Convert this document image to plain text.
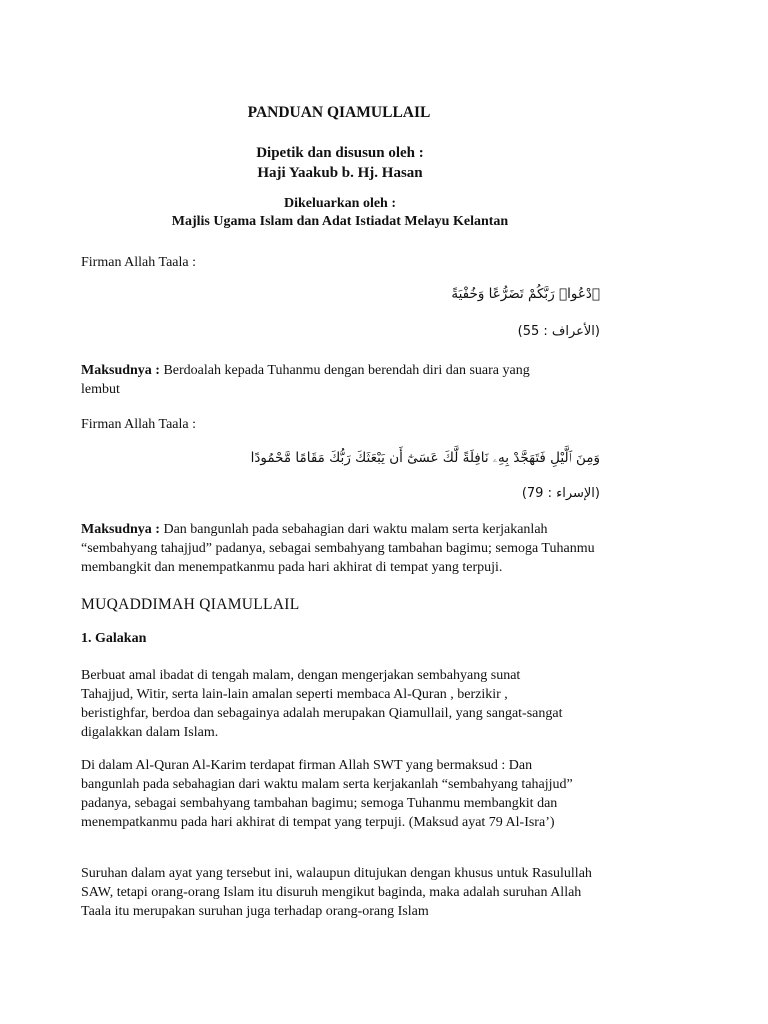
PANDUAN QIAMULLAIL
Dipetik dan disusun oleh :
Haji Yaakub b. Hj. Hasan
Dikeluarkan oleh :
Majlis Ugama Islam dan Adat Istiadat Melayu Kelantan
Firman Allah Taala :
ٱدْعُوا۟ رَبَّكُمْ تَضَرُّعًا وَخُفْيَةً
(الأعراف : 55)
Maksudnya : Berdoalah kepada Tuhanmu dengan berendah diri dan suara yang lembut
Firman Allah Taala :
وَمِنَ ٱلَّيْلِ فَتَهَجَّدْ بِهِۦ نَافِلَةً لَّكَ عَسَىٰٓ أَن يَبْعَثَكَ رَبُّكَ مَقَامًا مَّحْمُودًا
(الإسراء : 79)
Maksudnya : Dan bangunlah pada sebahagian dari waktu malam serta kerjakanlah “sembahyang tahajjud” padanya, sebagai sembahyang tambahan bagimu; semoga Tuhanmu membangkit dan menempatkanmu pada hari akhirat di tempat yang terpuji.
MUQADDIMAH QIAMULLAIL
1. Galakan
Berbuat amal ibadat di tengah malam, dengan mengerjakan sembahyang sunat Tahajjud, Witir, serta lain-lain amalan seperti membaca Al-Quran , berzikir , beristighfar, berdoa dan sebagainya adalah merupakan Qiamullail, yang sangat-sangat digalakkan dalam Islam.
Di dalam Al-Quran Al-Karim terdapat firman Allah SWT yang bermaksud : Dan bangunlah pada sebahagian dari waktu malam serta kerjakanlah “sembahyang tahajjud” padanya, sebagai sembahyang tambahan bagimu; semoga Tuhanmu membangkit dan menempatkanmu pada hari akhirat di tempat yang terpuji. (Maksud ayat 79 Al-Isra’)
Suruhan dalam ayat yang tersebut ini, walaupun ditujukan dengan khusus untuk Rasulullah SAW, tetapi orang-orang Islam itu disuruh mengikut baginda, maka adalah suruhan Allah Taala itu merupakan suruhan juga terhadap orang-orang Islam
